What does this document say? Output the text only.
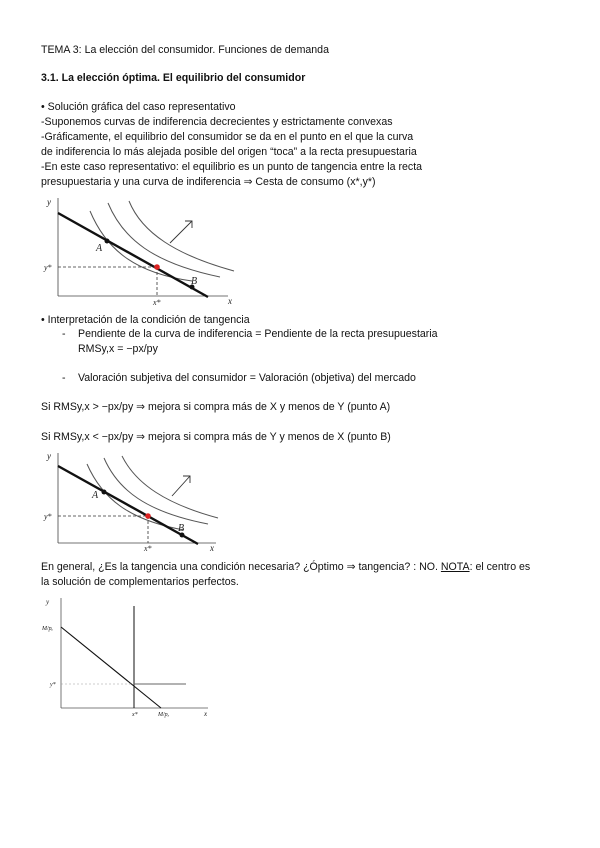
TEMA 3: La elección del consumidor. Funciones de demanda
3.1. La elección óptima. El equilibrio del consumidor
• Solución gráfica del caso representativo
-Suponemos curvas de indiferencia decrecientes y estrictamente convexas
-Gráficamente, el equilibrio del consumidor se da en el punto en el que la curva
de indiferencia lo más alejada posible del origen “toca” a la recta presupuestaria
-En este caso representativo: el equilibrio es un punto de tangencia entre la recta
presupuestaria y una curva de indiferencia ⇒ Cesta de consumo (x*,y*)
y
x
A
B
y*
x*
• Interpretación de la condición de tangencia
- Pendiente de la curva de indiferencia = Pendiente de la recta presupuestaria
RMSy,x = −px/py
- Valoración subjetiva del consumidor = Valoración (objetiva) del mercado
Si RMSy,x > −px/py ⇒ mejora si compra más de X y menos de Y (punto A)
Si RMSy,x < −px/py ⇒ mejora si compra más de Y y menos de X (punto B)
y
x
A
B
y*
x*
En general, ¿Es la tangencia una condición necesaria? ¿Óptimo ⇒ tangencia? : NO. NOTA: el centro es
la solución de complementarios perfectos.
y
x
M/pᵧ
y*
x*	M/pₓ
